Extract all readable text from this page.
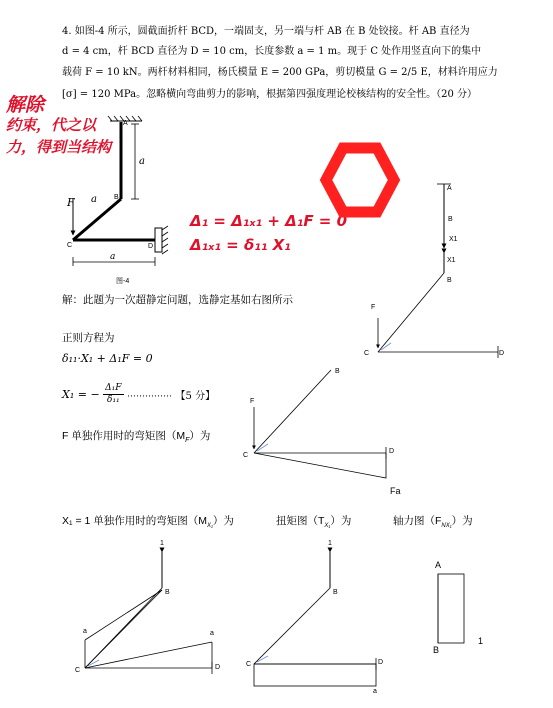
4. 如图-4 所示，圆截面折杆 BCD，一端固支，另一端与杆 AB 在 B 处铰接。杆 AB 直径为
d = 4 cm，杆 BCD 直径为 D = 10 cm，长度参数 a = 1 m。现于 C 处作用竖直向下的集中
载荷 F = 10 kN。两杆材料相同，杨氏模量 E = 200 GPa，剪切模量 G = 2/5 E，材料许用应力
[σ] = 120 MPa。忽略横向弯曲剪力的影响，根据第四强度理论校核结构的安全性。（20 分）
解除
约束，代之以
力，得到当结构
Δ₁ = Δ₁ₓ₁ + Δ₁F = 0
Δ₁ₓ₁ = δ₁₁ X₁
A
B
C	D
F
a
a
a
图-4
A
B
X1
X1
B
F
C	D
解：此题为一次超静定问题，选静定基如右图所示
正则方程为
δ₁₁·X₁ + Δ₁F = 0
X₁ = − $\frac{\text{Δ₁F}}{\text{δ₁₁}}$ …………… 【5 分】
F 单独作用时的弯矩图$(M_F)$为
B
F
C
D
Fa
X₁ = 1 单独作用时的弯矩图$(M_{X_1})$为	扭矩图$(T_{X_1})$为	轴力图$(F_{NX_1})$为
1
B
a	a
C	D
1
B
C	D
a
A
B
1
